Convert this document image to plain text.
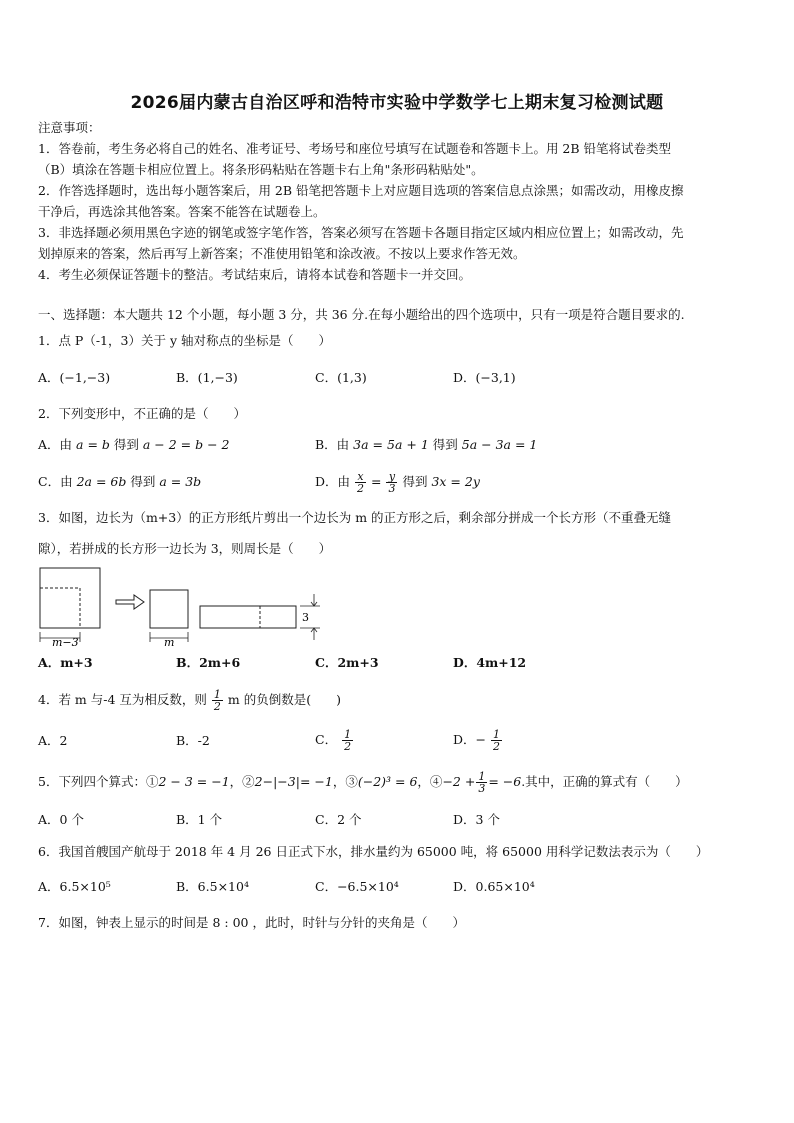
2026届内蒙古自治区呼和浩特市实验中学数学七上期末复习检测试题
注意事项：
1．答卷前，考生务必将自己的姓名、准考证号、考场号和座位号填写在试题卷和答题卡上。用 2B 铅笔将试卷类型
（B）填涂在答题卡相应位置上。将条形码粘贴在答题卡右上角"条形码粘贴处"。
2．作答选择题时，选出每小题答案后，用 2B 铅笔把答题卡上对应题目选项的答案信息点涂黑；如需改动，用橡皮擦
干净后，再选涂其他答案。答案不能答在试题卷上。
3．非选择题必须用黑色字迹的钢笔或签字笔作答，答案必须写在答题卡各题目指定区域内相应位置上；如需改动，先
划掉原来的答案，然后再写上新答案；不准使用铅笔和涂改液。不按以上要求作答无效。
4．考生必须保证答题卡的整洁。考试结束后，请将本试卷和答题卡一并交回。
一、选择题：本大题共 12 个小题，每小题 3 分，共 36 分.在每小题给出的四个选项中，只有一项是符合题目要求的.
1．点 P（-1，3）关于 y 轴对称点的坐标是（　　）
A．(−1,−3)	B．(1,−3)	C．(1,3)	D．(−3,1)
2．下列变形中，不正确的是（　　）
A．由 a = b 得到 a − 2 = b − 2	B．由 3a = 5a + 1 得到 5a − 3a = 1
C．由 2a = 6b 得到 a = 3b	D．由 $\frac{x}{2} = \frac{y}{3}$ 得到 3x = 2y
3．如图，边长为（m+3）的正方形纸片剪出一个边长为 m 的正方形之后，剩余部分拼成一个长方形（不重叠无缝
隙），若拼成的长方形一边长为 3，则周长是（　　）
m−3	m
3
A．m+3	B．2m+6	C．2m+3	D．4m+12
4．若 m 与-4 互为相反数，则 $\frac{1}{2}$ m 的负倒数是(　　)
A．2	B．-2	C． $\frac{1}{2}$	D．− $\frac{1}{2}$
5．下列四个算式：①2 − 3 = −1，②2−|−3|= −1，③(−2)³ = 6，④−2 + $\frac{1}{3} = -6$.其中，正确的算式有（　　）
A．0 个	B．1 个	C．2 个	D．3 个
6．我国首艘国产航母于 2018 年 4 月 26 日正式下水，排水量约为 65000 吨，将 65000 用科学记数法表示为（　　）
A．6.5×10⁵	B．6.5×10⁴	C．−6.5×10⁴	D．0.65×10⁴
7．如图，钟表上显示的时间是 8 : 00 ，此时，时针与分针的夹角是（　　）
